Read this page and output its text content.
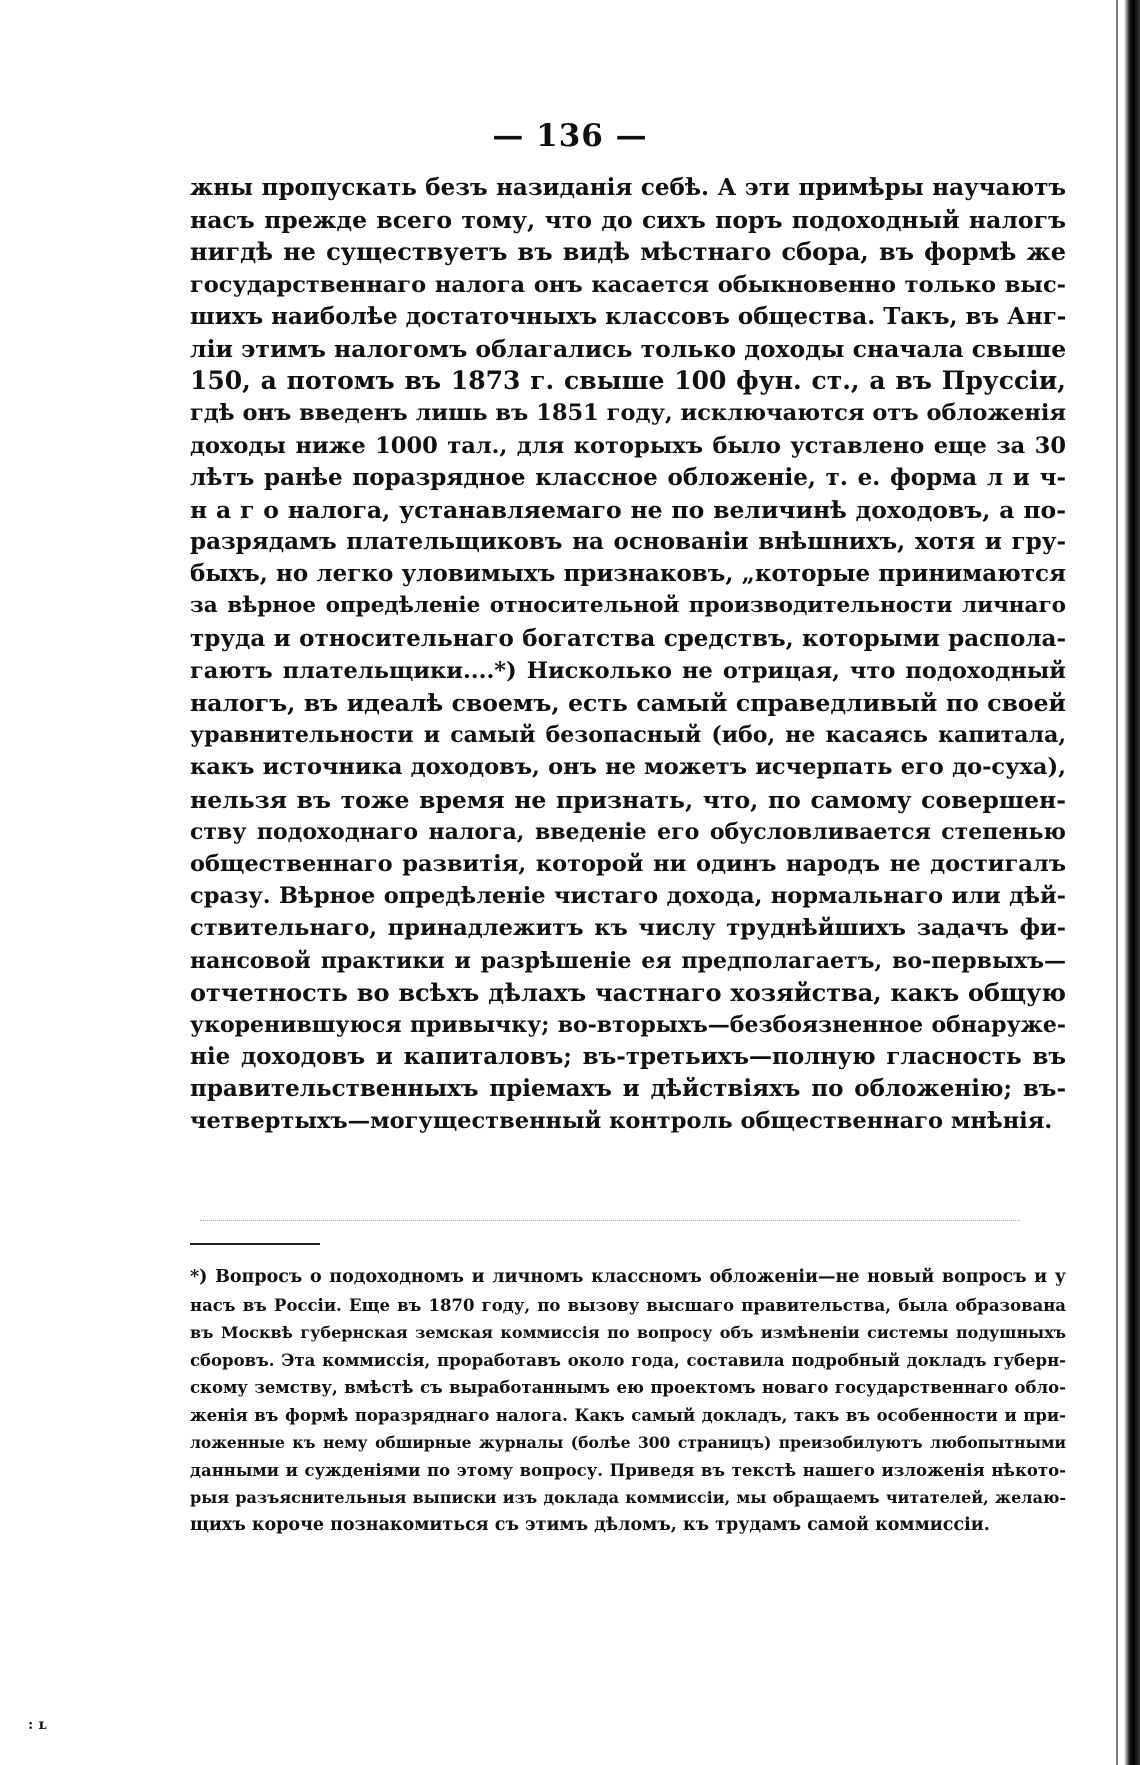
— 136 —
жны пропускать безъ назиданія себѣ. А эти примѣры научаютъ
насъ прежде всего тому, что до сихъ поръ подоходный налогъ
нигдѣ не существуетъ въ видѣ мѣстнаго сбора, въ формѣ же
государственнаго налога онъ касается обыкновенно только выс-
шихъ наиболѣе достаточныхъ классовъ общества. Такъ, въ Анг-
ліи этимъ налогомъ облагались только доходы сначала свыше
150, а потомъ въ 1873 г. свыше 100 фун. ст., а въ Пруссіи,
гдѣ онъ введенъ лишь въ 1851 году, исключаются отъ обложенія
доходы ниже 1000 тал., для которыхъ было уставлено еще за 30
лѣтъ ранѣе поразрядное классное обложеніе, т. е. форма л и ч-
н а г о налога, устанавляемаго не по величинѣ доходовъ, а по-
разрядамъ плательщиковъ на основаніи внѣшнихъ, хотя и гру-
быхъ, но легко уловимыхъ признаковъ, „которые принимаются
за вѣрное опредѣленіе относительной производительности личнаго
труда и относительнаго богатства средствъ, которыми распола-
гаютъ плательщики....*) Нисколько не отрицая, что подоходный
налогъ, въ идеалѣ своемъ, есть самый справедливый по своей
уравнительности и самый безопасный (ибо, не касаясь капитала,
какъ источника доходовъ, онъ не можетъ исчерпать его до-суха),
нельзя въ тоже время не признать, что, по самому совершен-
ству подоходнаго налога, введеніе его обусловливается степенью
общественнаго развитія, которой ни одинъ народъ не достигалъ
сразу. Вѣрное опредѣленіе чистаго дохода, нормальнаго или дѣй-
ствительнаго, принадлежитъ къ числу труднѣйшихъ задачъ фи-
нансовой практики и разрѣшеніе ея предполагаетъ, во-первыхъ—
отчетность во всѣхъ дѣлахъ частнаго хозяйства, какъ общую
укоренившуюся привычку; во-вторыхъ—безбоязненное обнаруже-
ніе доходовъ и капиталовъ; въ-третьихъ—полную гласность въ
правительственныхъ пріемахъ и дѣйствіяхъ по обложенію; въ-
четвертыхъ—могущественный контроль общественнаго мнѣнія.
*) Вопросъ о подоходномъ и личномъ классномъ обложеніи—не новый вопросъ и у
насъ въ Россіи. Еще въ 1870 году, по вызову высшаго правительства, была образована
въ Москвѣ губернская земская коммиссія по вопросу объ измѣненіи системы подушныхъ
сборовъ. Эта коммиссія, проработавъ около года, составила подробный докладъ губерн-
скому земству, вмѣстѣ съ выработаннымъ ею проектомъ новаго государственнаго обло-
женія въ формѣ поразряднаго налога. Какъ самый докладъ, такъ въ особенности и при-
ложенные къ нему обширные журналы (болѣе 300 страницъ) преизобилуютъ любопытными
данными и сужденіями по этому вопросу. Приведя въ текстѣ нашего изложенія нѣкото-
рыя разъяснительныя выписки изъ доклада коммиссіи, мы обращаемъ читателей, желаю-
щихъ короче познакомиться съ этимъ дѣломъ, къ трудамъ самой коммиссіи.
: ʟ
